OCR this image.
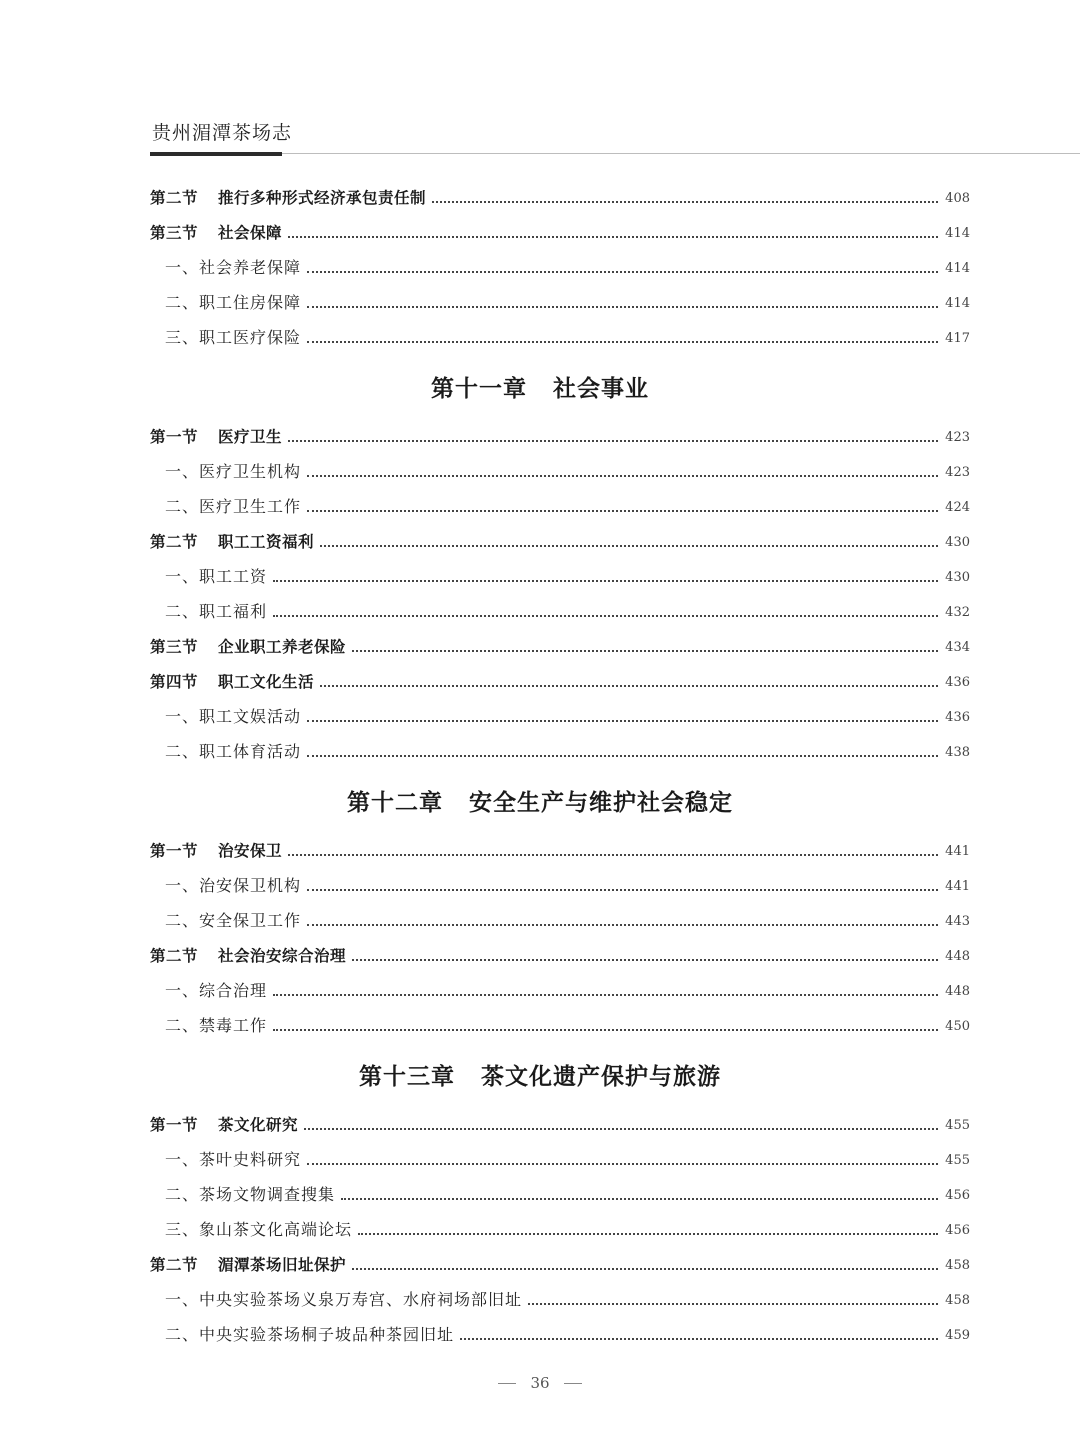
贵州湄潭茶场志
第二节 推行多种形式经济承包责任制	408
第三节 社会保障	414
一、社会养老保障	414
二、职工住房保障	414
三、职工医疗保险	417
第十一章 社会事业
第一节 医疗卫生	423
一、医疗卫生机构	423
二、医疗卫生工作	424
第二节 职工工资福利	430
一、职工工资	430
二、职工福利	432
第三节 企业职工养老保险	434
第四节 职工文化生活	436
一、职工文娱活动	436
二、职工体育活动	438
第十二章 安全生产与维护社会稳定
第一节 治安保卫	441
一、治安保卫机构	441
二、安全保卫工作	443
第二节 社会治安综合治理	448
一、综合治理	448
二、禁毒工作	450
第十三章 茶文化遗产保护与旅游
第一节 茶文化研究	455
一、茶叶史料研究	455
二、茶场文物调查搜集	456
三、象山茶文化高端论坛	456
第二节 湄潭茶场旧址保护	458
一、中央实验茶场义泉万寿宫、水府祠场部旧址	458
二、中央实验茶场桐子坡品种茶园旧址	459
36
